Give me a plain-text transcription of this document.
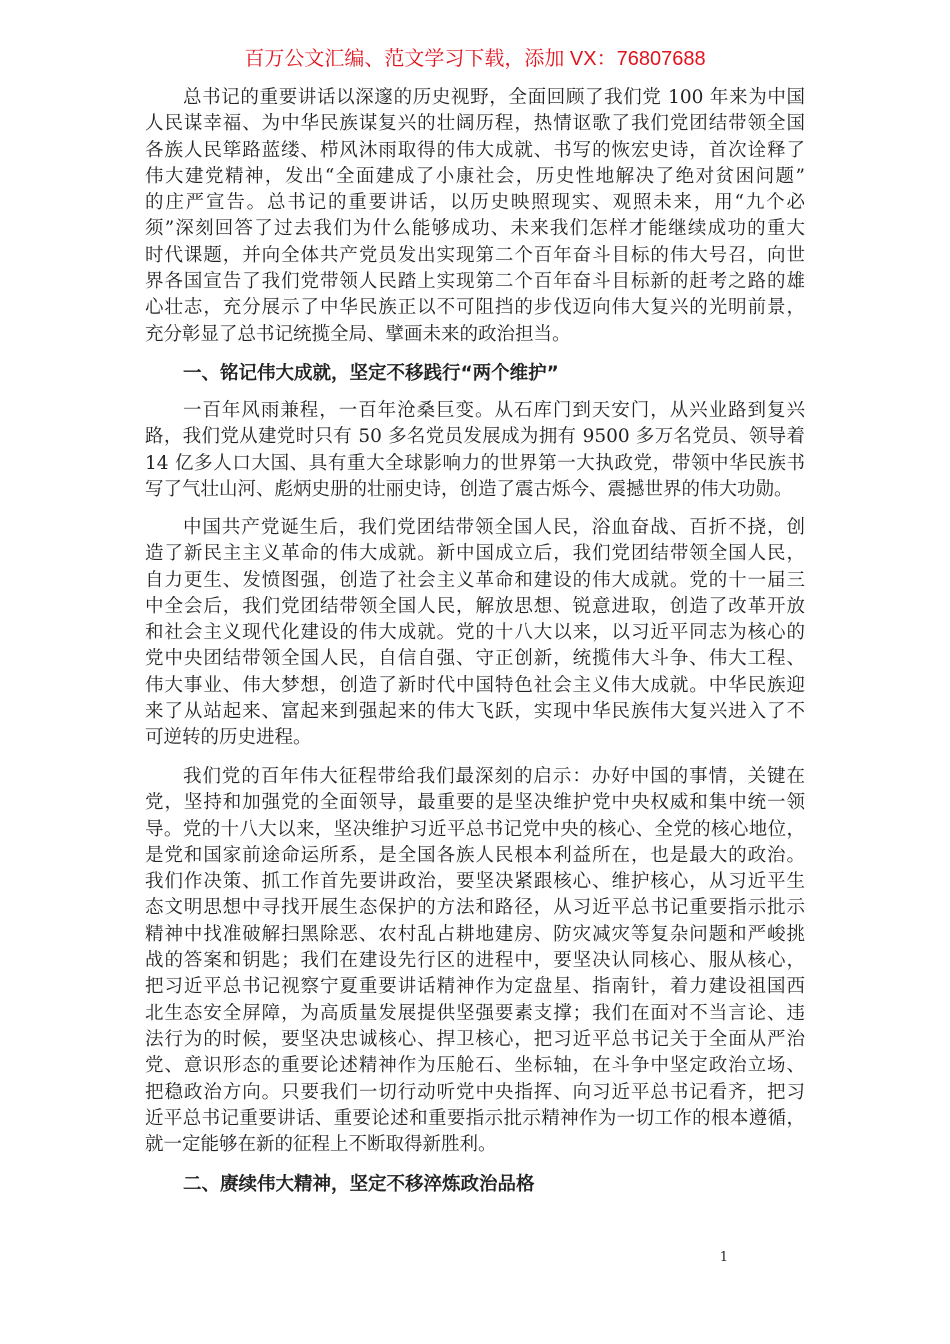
百万公文汇编、范文学习下载，添加 VX：76807688
总书记的重要讲话以深邃的历史视野，全面回顾了我们党 100 年来为中国
人民谋幸福、为中华民族谋复兴的壮阔历程，热情讴歌了我们党团结带领全国
各族人民筚路蓝缕、栉风沐雨取得的伟大成就、书写的恢宏史诗，首次诠释了
伟大建党精神，发出“全面建成了小康社会，历史性地解决了绝对贫困问题”
的庄严宣告。总书记的重要讲话，以历史映照现实、观照未来，用“九个必
须”深刻回答了过去我们为什么能够成功、未来我们怎样才能继续成功的重大
时代课题，并向全体共产党员发出实现第二个百年奋斗目标的伟大号召，向世
界各国宣告了我们党带领人民踏上实现第二个百年奋斗目标新的赶考之路的雄
心壮志，充分展示了中华民族正以不可阻挡的步伐迈向伟大复兴的光明前景，
充分彰显了总书记统揽全局、擘画未来的政治担当。
一、铭记伟大成就，坚定不移践行“两个维护”
一百年风雨兼程，一百年沧桑巨变。从石库门到天安门，从兴业路到复兴
路，我们党从建党时只有 50 多名党员发展成为拥有 9500 多万名党员、领导着
14 亿多人口大国、具有重大全球影响力的世界第一大执政党，带领中华民族书
写了气壮山河、彪炳史册的壮丽史诗，创造了震古烁今、震撼世界的伟大功勋。
中国共产党诞生后，我们党团结带领全国人民，浴血奋战、百折不挠，创
造了新民主主义革命的伟大成就。新中国成立后，我们党团结带领全国人民，
自力更生、发愤图强，创造了社会主义革命和建设的伟大成就。党的十一届三
中全会后，我们党团结带领全国人民，解放思想、锐意进取，创造了改革开放
和社会主义现代化建设的伟大成就。党的十八大以来，以习近平同志为核心的
党中央团结带领全国人民，自信自强、守正创新，统揽伟大斗争、伟大工程、
伟大事业、伟大梦想，创造了新时代中国特色社会主义伟大成就。中华民族迎
来了从站起来、富起来到强起来的伟大飞跃，实现中华民族伟大复兴进入了不
可逆转的历史进程。
我们党的百年伟大征程带给我们最深刻的启示：办好中国的事情，关键在
党，坚持和加强党的全面领导，最重要的是坚决维护党中央权威和集中统一领
导。党的十八大以来，坚决维护习近平总书记党中央的核心、全党的核心地位，
是党和国家前途命运所系，是全国各族人民根本利益所在，也是最大的政治。
我们作决策、抓工作首先要讲政治，要坚决紧跟核心、维护核心，从习近平生
态文明思想中寻找开展生态保护的方法和路径，从习近平总书记重要指示批示
精神中找准破解扫黑除恶、农村乱占耕地建房、防灾减灾等复杂问题和严峻挑
战的答案和钥匙；我们在建设先行区的进程中，要坚决认同核心、服从核心，
把习近平总书记视察宁夏重要讲话精神作为定盘星、指南针，着力建设祖国西
北生态安全屏障，为高质量发展提供坚强要素支撑；我们在面对不当言论、违
法行为的时候，要坚决忠诚核心、捍卫核心，把习近平总书记关于全面从严治
党、意识形态的重要论述精神作为压舱石、坐标轴，在斗争中坚定政治立场、
把稳政治方向。只要我们一切行动听党中央指挥、向习近平总书记看齐，把习
近平总书记重要讲话、重要论述和重要指示批示精神作为一切工作的根本遵循，
就一定能够在新的征程上不断取得新胜利。
二、赓续伟大精神，坚定不移淬炼政治品格
1
